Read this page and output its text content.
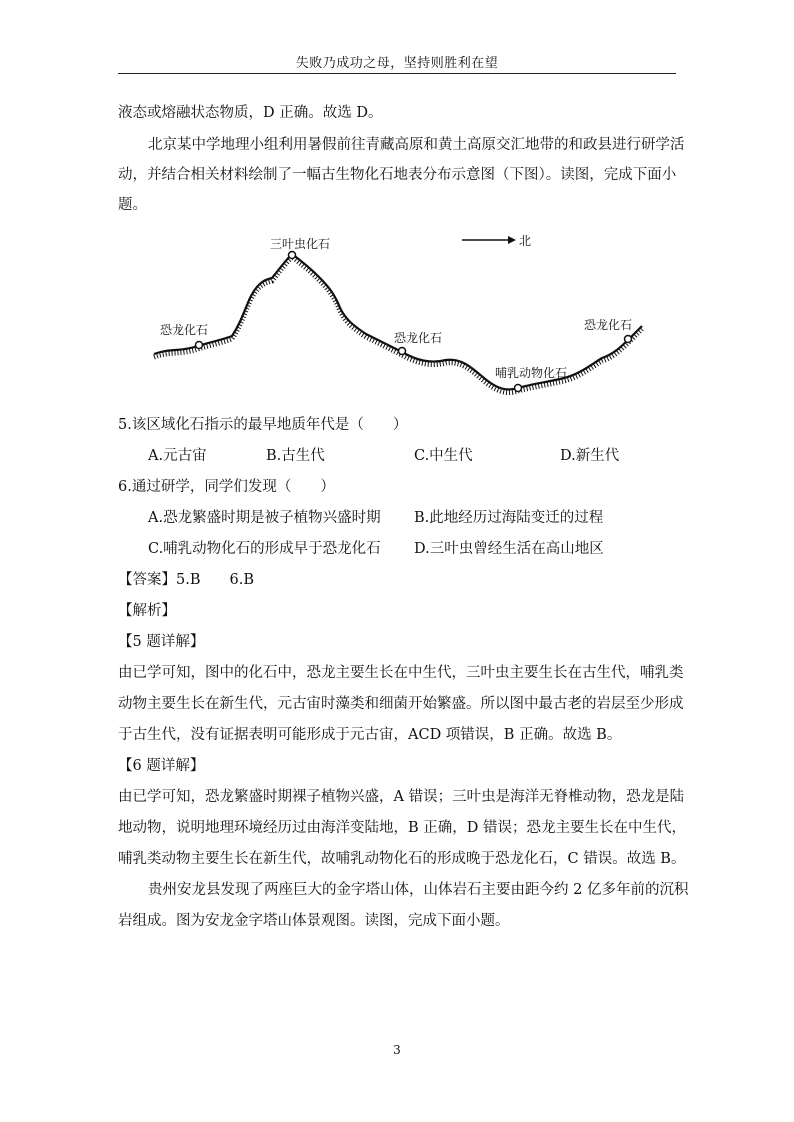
失败乃成功之母，坚持则胜利在望
液态或熔融状态物质，D 正确。故选 D。
北京某中学地理小组利用暑假前往青藏高原和黄土高原交汇地带的和政县进行研学活
动，并结合相关材料绘制了一幅古生物化石地表分布示意图（下图）。读图，完成下面小
题。
三叶虫化石
恐龙化石
恐龙化石
哺乳动物化石
恐龙化石
北
5.该区域化石指示的最早地质年代是（　　）
A.元古宙	B.古生代	C.中生代	D.新生代
6.通过研学，同学们发现（　　）
A.恐龙繁盛时期是被子植物兴盛时期 B.此地经历过海陆变迁的过程
C.哺乳动物化石的形成早于恐龙化石 D.三叶虫曾经生活在高山地区
【答案】5.B　　6.B
【解析】
【5 题详解】
由已学可知，图中的化石中，恐龙主要生长在中生代，三叶虫主要生长在古生代，哺乳类
动物主要生长在新生代，元古宙时藻类和细菌开始繁盛。所以图中最古老的岩层至少形成
于古生代，没有证据表明可能形成于元古宙，ACD 项错误，B 正确。故选 B。
【6 题详解】
由已学可知，恐龙繁盛时期裸子植物兴盛，A 错误；三叶虫是海洋无脊椎动物，恐龙是陆
地动物，说明地理环境经历过由海洋变陆地，B 正确，D 错误；恐龙主要生长在中生代，
哺乳类动物主要生长在新生代，故哺乳动物化石的形成晚于恐龙化石，C 错误。故选 B。
贵州安龙县发现了两座巨大的金字塔山体，山体岩石主要由距今约 2 亿多年前的沉积
岩组成。图为安龙金字塔山体景观图。读图，完成下面小题。
3
